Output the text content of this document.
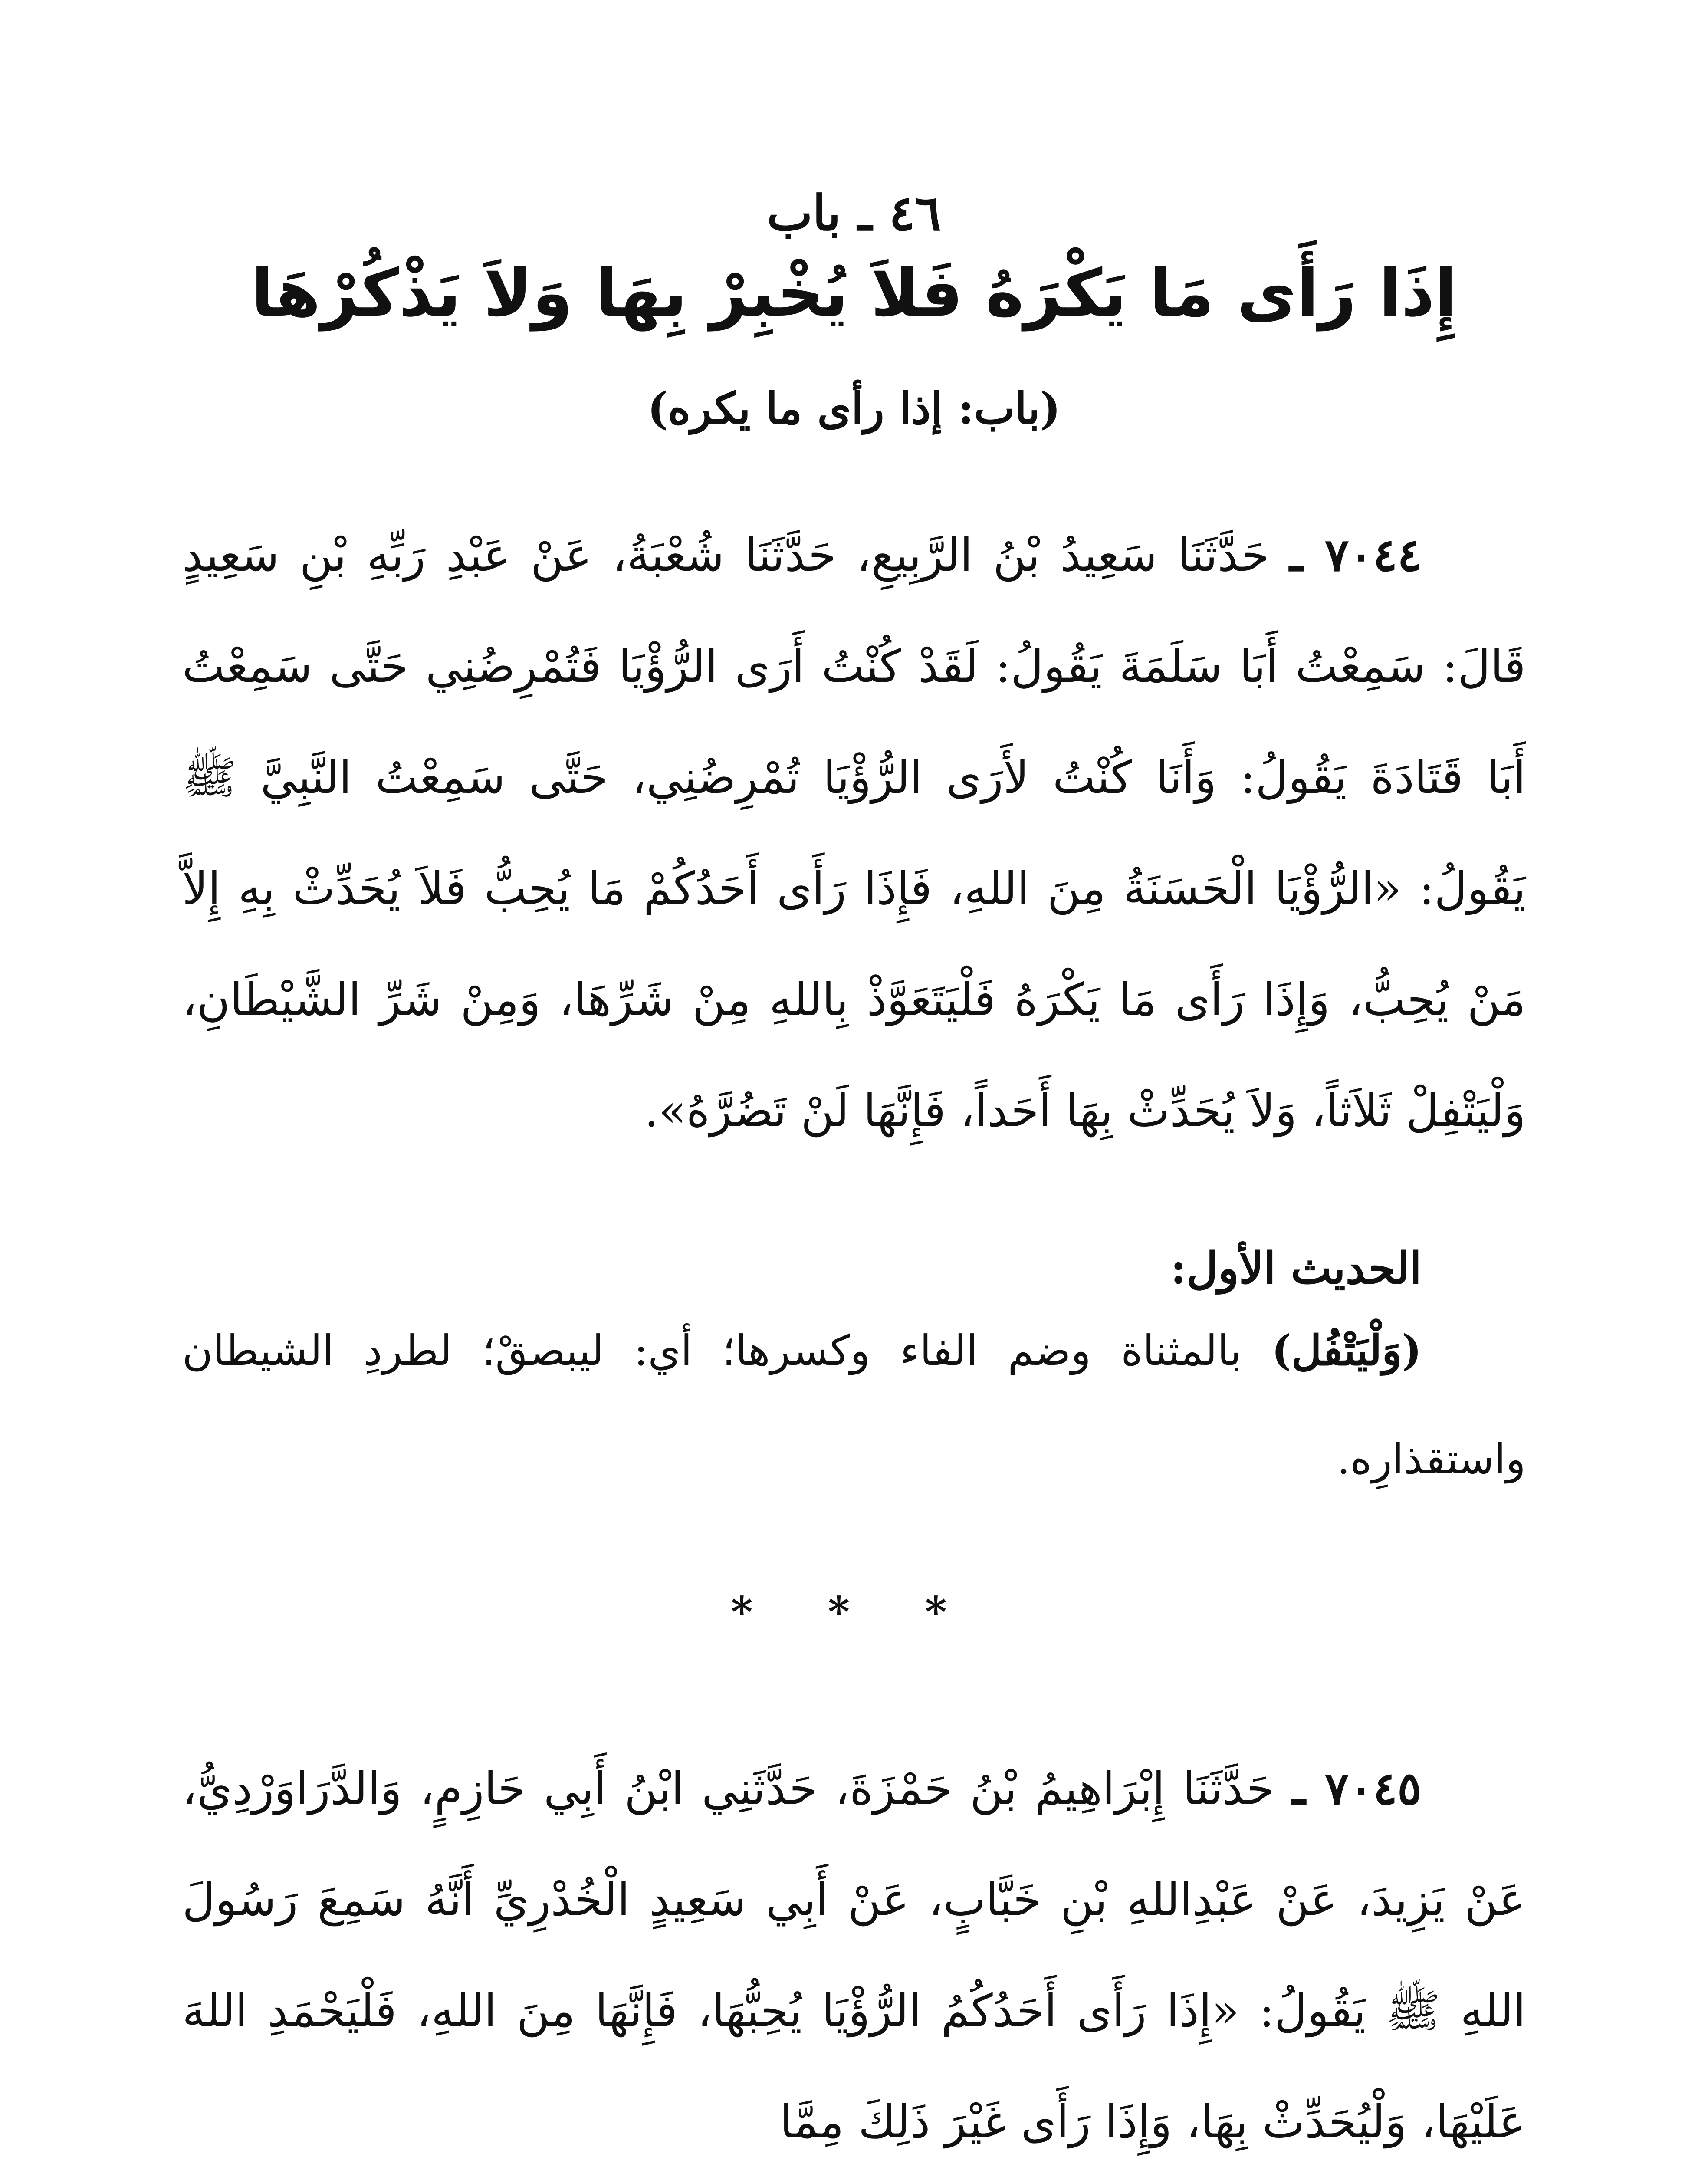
٤٦ ـ باب

إِذَا رَأَى مَا يَكْرَهُ فَلاَ يُخْبِرْ بِهَا وَلاَ يَذْكُرْهَا

(باب: إذا رأى ما يكره)

٧٠٤٤ ـ حَدَّثَنَا سَعِيدُ بْنُ الرَّبِيعِ، حَدَّثَنَا شُعْبَةُ، عَنْ عَبْدِ رَبِّهِ بْنِ سَعِيدٍ قَالَ: سَمِعْتُ أَبَا سَلَمَةَ يَقُولُ: لَقَدْ كُنْتُ أَرَى الرُّؤْيَا فَتُمْرِضُنِي حَتَّى سَمِعْتُ أَبَا قَتَادَةَ يَقُولُ: وَأَنَا كُنْتُ لأَرَى الرُّؤْيَا تُمْرِضُنِي، حَتَّى سَمِعْتُ النَّبِيَّ ﷺ يَقُولُ: «الرُّؤْيَا الْحَسَنَةُ مِنَ اللهِ، فَإِذَا رَأَى أَحَدُكُمْ مَا يُحِبُّ فَلاَ يُحَدِّثْ بِهِ إِلاَّ مَنْ يُحِبُّ، وَإِذَا رَأَى مَا يَكْرَهُ فَلْيَتَعَوَّذْ بِاللهِ مِنْ شَرِّهَا، وَمِنْ شَرِّ الشَّيْطَانِ، وَلْيَتْفِلْ ثَلاَثاً، وَلاَ يُحَدِّثْ بِهَا أَحَداً، فَإِنَّهَا لَنْ تَضُرَّهُ».

الحديث الأول:

(وَلْيَتْفُل) بالمثناة وضم الفاء وكسرها؛ أي: ليبصقْ؛ لطردِ الشيطان واستقذارِه.

* * *

٧٠٤٥ ـ حَدَّثَنَا إِبْرَاهِيمُ بْنُ حَمْزَةَ، حَدَّثَنِي ابْنُ أَبِي حَازِمٍ، وَالدَّرَاوَرْدِيُّ، عَنْ يَزِيدَ، عَنْ عَبْدِاللهِ بْنِ خَبَّابٍ، عَنْ أَبِي سَعِيدٍ الْخُدْرِيِّ أَنَّهُ سَمِعَ رَسُولَ اللهِ ﷺ يَقُولُ: «إِذَا رَأَى أَحَدُكُمُ الرُّؤْيَا يُحِبُّهَا، فَإِنَّهَا مِنَ اللهِ، فَلْيَحْمَدِ اللهَ عَلَيْهَا، وَلْيُحَدِّثْ بِهَا، وَإِذَا رَأَى غَيْرَ ذَلِكَ مِمَّا
